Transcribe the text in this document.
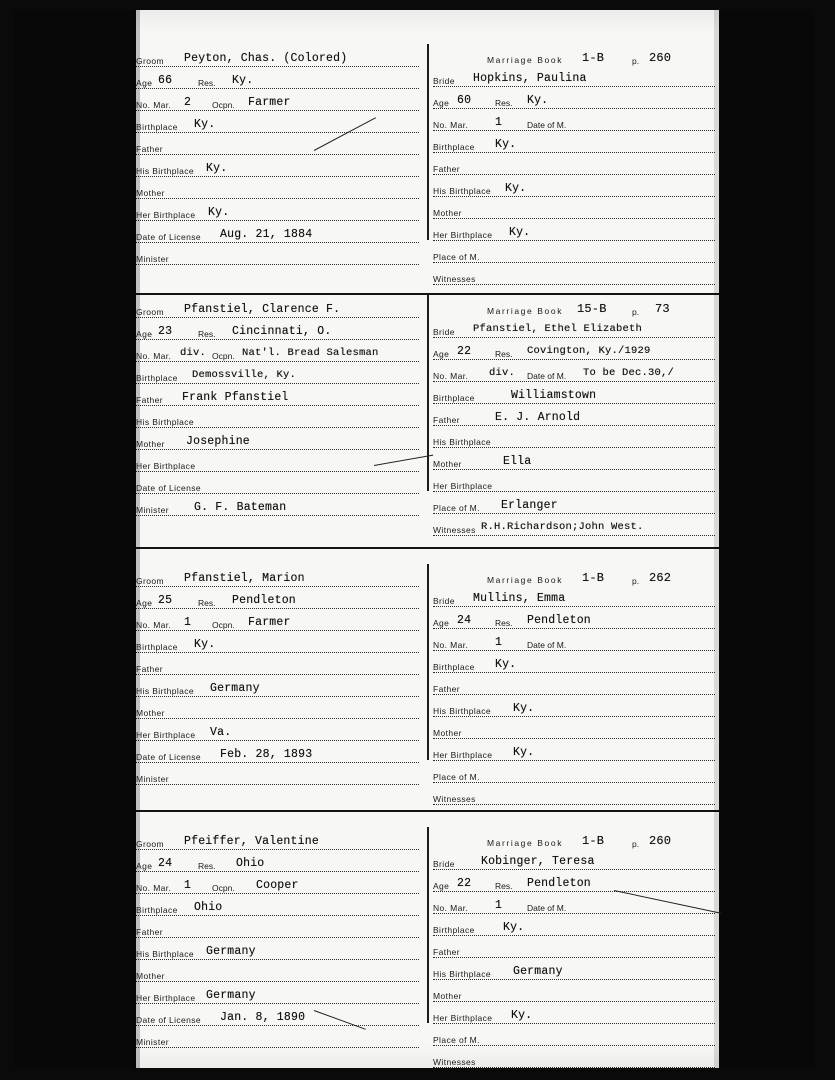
Groom Peyton, Chas. (Colored)
Age	Res.
66	Ky.
No. Mar.	Ocpn.
2	Farmer
Birthplace Ky.
Father
His Birthplace Ky.
Mother
Her Birthplace Ky.
Date of License Aug. 21, 1884
Minister
Marriage Book 1-B	p. 260
Bride Hopkins, Paulina
Age	Res.
60	Ky.
No. Mar.	Date of M.
1
Birthplace Ky.
Father
His Birthplace Ky.
Mother
Her Birthplace Ky.
Place of M.
Witnesses
Groom Pfanstiel, Clarence F.
Age	Res.
23	Cincinnati, O.
No. Mar.	Ocpn.
div.	Nat'l. Bread Salesman
Birthplace Demossville, Ky.
Father Frank Pfanstiel
His Birthplace
Mother Josephine
Her Birthplace
Date of License
Minister G. F. Bateman
Marriage Book 15-B	p. 73
Bride Pfanstiel, Ethel Elizabeth
Age	Res.
22	Covington, Ky./1929
No. Mar.	Date of M.
div.	To be Dec.30,/
Birthplace	Williamstown
Father	E. J. Arnold
His Birthplace
Mother	Ella
Her Birthplace
Place of M. Erlanger
Witnesses R.H.Richardson;John West.
Groom Pfanstiel, Marion
Age	Res.
25	Pendleton
No. Mar.	Ocpn.
1	Farmer
Birthplace Ky.
Father
His Birthplace Germany
Mother
Her Birthplace Va.
Date of License Feb. 28, 1893
Minister
Marriage Book 1-B	p. 262
Bride Mullins, Emma
Age	Res.
24	Pendleton
No. Mar.	Date of M.
1
Birthplace Ky.
Father
His Birthplace Ky.
Mother
Her Birthplace Ky.
Place of M.
Witnesses
Groom Pfeiffer, Valentine
Age	Res.
24	Ohio
No. Mar.	Ocpn.
1	Cooper
Birthplace Ohio
Father
His Birthplace Germany
Mother
Her Birthplace Germany
Date of License Jan. 8, 1890
Minister
Marriage Book 1-B	p. 260
Bride Kobinger, Teresa
Age	Res.
22	Pendleton
No. Mar.	Date of M.
1
Birthplace Ky.
Father
His Birthplace Germany
Mother
Her Birthplace Ky.
Place of M.
Witnesses
